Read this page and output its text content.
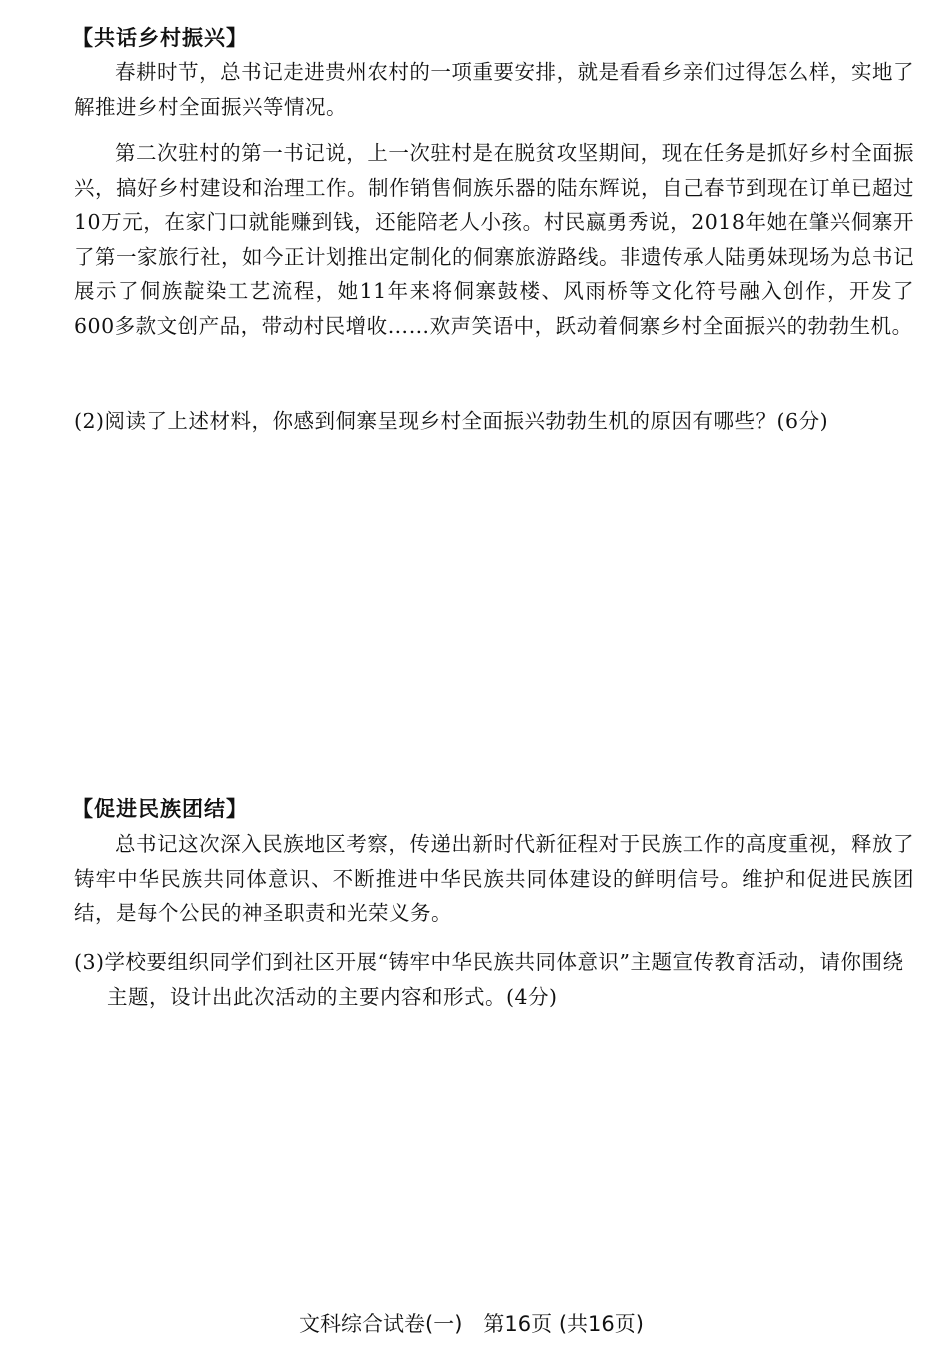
【共话乡村振兴】
春耕时节，总书记走进贵州农村的一项重要安排，就是看看乡亲们过得怎么样，实地了解推进乡村全面振兴等情况。
第二次驻村的第一书记说，上一次驻村是在脱贫攻坚期间，现在任务是抓好乡村全面振兴，搞好乡村建设和治理工作。制作销售侗族乐器的陆东辉说，自己春节到现在订单已超过10万元，在家门口就能赚到钱，还能陪老人小孩。村民嬴勇秀说，2018年她在肇兴侗寨开了第一家旅行社，如今正计划推出定制化的侗寨旅游路线。非遗传承人陆勇妹现场为总书记展示了侗族靛染工艺流程，她11年来将侗寨鼓楼、风雨桥等文化符号融入创作，开发了600多款文创产品，带动村民增收……欢声笑语中，跃动着侗寨乡村全面振兴的勃勃生机。
(2)阅读了上述材料，你感到侗寨呈现乡村全面振兴勃勃生机的原因有哪些？(6分)
【促进民族团结】
总书记这次深入民族地区考察，传递出新时代新征程对于民族工作的高度重视，释放了铸牢中华民族共同体意识、不断推进中华民族共同体建设的鲜明信号。维护和促进民族团结，是每个公民的神圣职责和光荣义务。
(3)学校要组织同学们到社区开展“铸牢中华民族共同体意识”主题宣传教育活动，请你围绕主题，设计出此次活动的主要内容和形式。(4分)
文科综合试卷(一)　第16页 (共16页)
